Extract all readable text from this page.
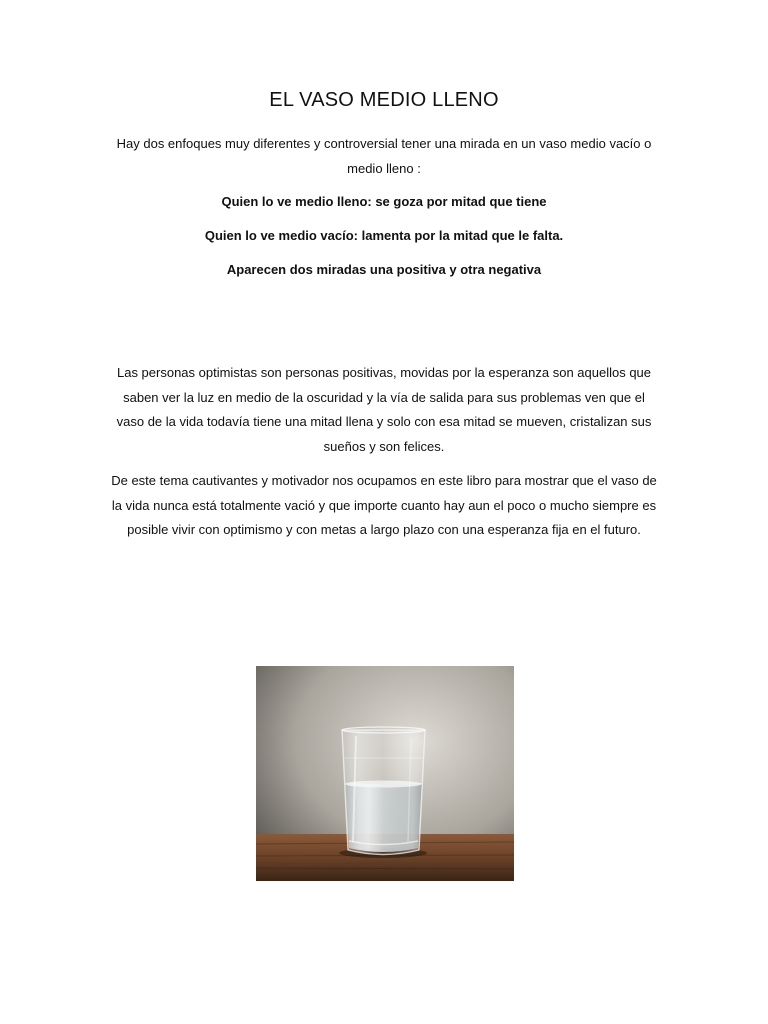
EL VASO MEDIO LLENO

Hay dos enfoques muy diferentes y controversial tener una mirada en un vaso medio vacío o medio lleno :

Quien lo ve medio lleno: se goza por mitad que tiene

Quien lo ve medio vacío: lamenta por la mitad que le falta.

Aparecen dos miradas una positiva y otra negativa

Las personas optimistas son personas positivas, movidas por la esperanza son aquellos que saben ver la luz en medio de la oscuridad y la vía de salida para sus problemas ven que el vaso de la vida todavía tiene una mitad llena y solo con esa mitad se mueven, cristalizan sus sueños y son felices.

De este tema cautivantes y motivador nos ocupamos en este libro para mostrar que el vaso de la vida nunca está totalmente vació y que importe cuanto hay aun el poco o mucho siempre es posible vivir con optimismo y con metas a largo plazo con una esperanza fija en el futuro.
